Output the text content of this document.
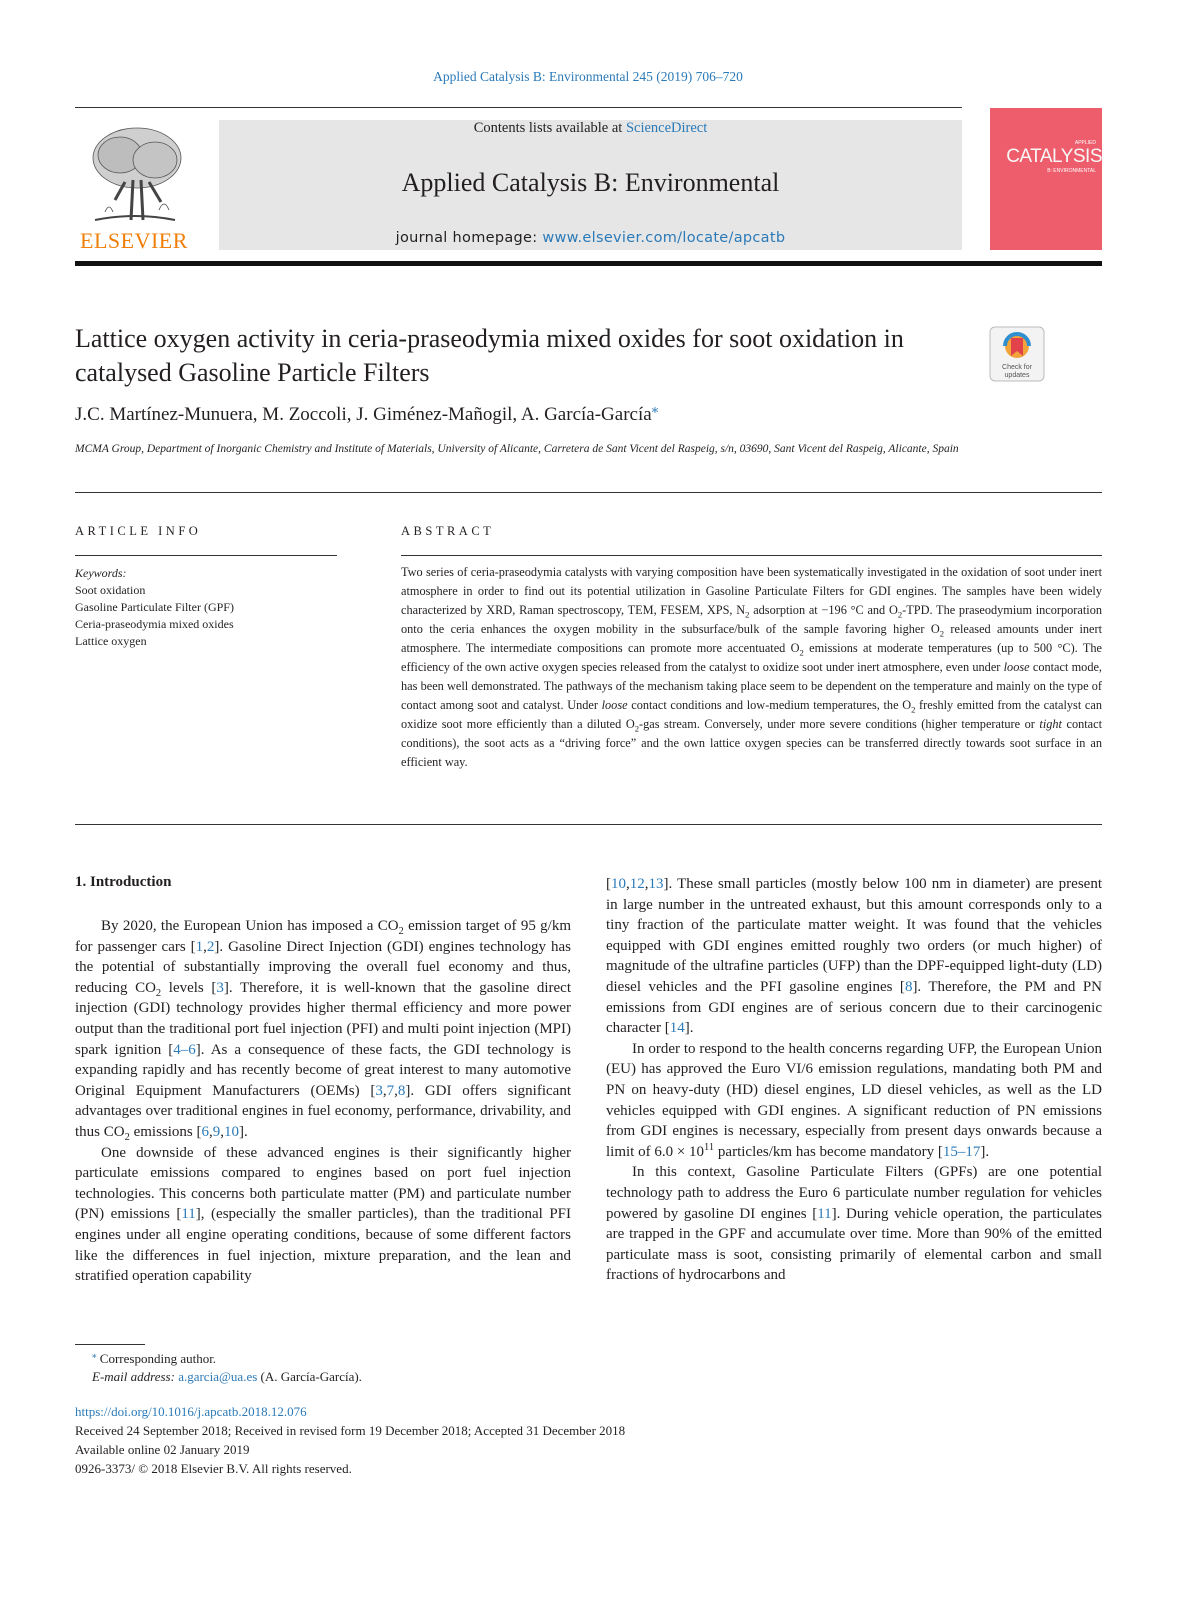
Applied Catalysis B: Environmental 245 (2019) 706–720
ELSEVIER
Contents lists available at ScienceDirect
Applied Catalysis B: Environmental
journal homepage: www.elsevier.com/locate/apcatb
APPLIED
CATALYSIS
B: ENVIRONMENTAL
Lattice oxygen activity in ceria-praseodymia mixed oxides for soot oxidation in catalysed Gasoline Particle Filters	Check for
updates
J.C. Martínez-Munuera, M. Zoccoli, J. Giménez-Mañogil, A. García-García⁎
MCMA Group, Department of Inorganic Chemistry and Institute of Materials, University of Alicante, Carretera de Sant Vicent del Raspeig, s/n, 03690, Sant Vicent del Raspeig, Alicante, Spain
ARTICLE INFO
Keywords:
Soot oxidation
Gasoline Particulate Filter (GPF)
Ceria-praseodymia mixed oxides
Lattice oxygen
ABSTRACT
Two series of ceria-praseodymia catalysts with varying composition have been systematically investigated in the oxidation of soot under inert atmosphere in order to find out its potential utilization in Gasoline Particulate Filters for GDI engines. The samples have been widely characterized by XRD, Raman spectroscopy, TEM, FESEM, XPS, $N_2$ adsorption at −196 °C and $O_2$-TPD. The praseodymium incorporation onto the ceria enhances the oxygen mobility in the subsurface/bulk of the sample favoring higher $O_2$ released amounts under inert atmosphere. The intermediate compositions can promote more accentuated $O_2$ emissions at moderate temperatures (up to 500 °C). The efficiency of the own active oxygen species released from the catalyst to oxidize soot under inert atmosphere, even under loose contact mode, has been well demonstrated. The pathways of the mechanism taking place seem to be dependent on the temperature and mainly on the type of contact among soot and catalyst. Under loose contact conditions and low-medium temperatures, the $O_2$ freshly emitted from the catalyst can oxidize soot more efficiently than a diluted $O_2$-gas stream. Conversely, under more severe conditions (higher temperature or tight contact conditions), the soot acts as a “driving force” and the own lattice oxygen species can be transferred directly towards soot surface in an efficient way.
1. Introduction

By 2020, the European Union has imposed a $CO_2$ emission target of 95 g/km for passenger cars [1,2]. Gasoline Direct Injection (GDI) engines technology has the potential of substantially improving the overall fuel economy and thus, reducing $CO_2$ levels [3]. Therefore, it is well-known that the gasoline direct injection (GDI) technology provides higher thermal efficiency and more power output than the traditional port fuel injection (PFI) and multi point injection (MPI) spark ignition [4–6]. As a consequence of these facts, the GDI technology is expanding rapidly and has recently become of great interest to many automotive Original Equipment Manufacturers (OEMs) [3,7,8]. GDI offers significant advantages over traditional engines in fuel economy, performance, drivability, and thus $CO_2$ emissions [6,9,10].

One downside of these advanced engines is their significantly higher particulate emissions compared to engines based on port fuel injection technologies. This concerns both particulate matter (PM) and particulate number (PN) emissions [11], (especially the smaller particles), than the traditional PFI engines under all engine operating conditions, because of some different factors like the differences in fuel injection, mixture preparation, and the lean and stratified operation capability

[10,12,13]. These small particles (mostly below 100 nm in diameter) are present in large number in the untreated exhaust, but this amount corresponds only to a tiny fraction of the particulate matter weight. It was found that the vehicles equipped with GDI engines emitted roughly two orders (or much higher) of magnitude of the ultrafine particles (UFP) than the DPF-equipped light-duty (LD) diesel vehicles and the PFI gasoline engines [8]. Therefore, the PM and PN emissions from GDI engines are of serious concern due to their carcinogenic character [14].

In order to respond to the health concerns regarding UFP, the European Union (EU) has approved the Euro VI/6 emission regulations, mandating both PM and PN on heavy-duty (HD) diesel engines, LD diesel vehicles, as well as the LD vehicles equipped with GDI engines. A significant reduction of PN emissions from GDI engines is necessary, especially from present days onwards because a limit of $6.0 \times 10^{11}$ particles/km has become mandatory [15–17].

In this context, Gasoline Particulate Filters (GPFs) are one potential technology path to address the Euro 6 particulate number regulation for vehicles powered by gasoline DI engines [11]. During vehicle operation, the particulates are trapped in the GPF and accumulate over time. More than 90% of the emitted particulate mass is soot, consisting primarily of elemental carbon and small fractions of hydrocarbons and

⁎ Corresponding author.
E-mail address: a.garcia@ua.es (A. García-García).
https://doi.org/10.1016/j.apcatb.2018.12.076
Received 24 September 2018; Received in revised form 19 December 2018; Accepted 31 December 2018
Available online 02 January 2019
0926-3373/ © 2018 Elsevier B.V. All rights reserved.
